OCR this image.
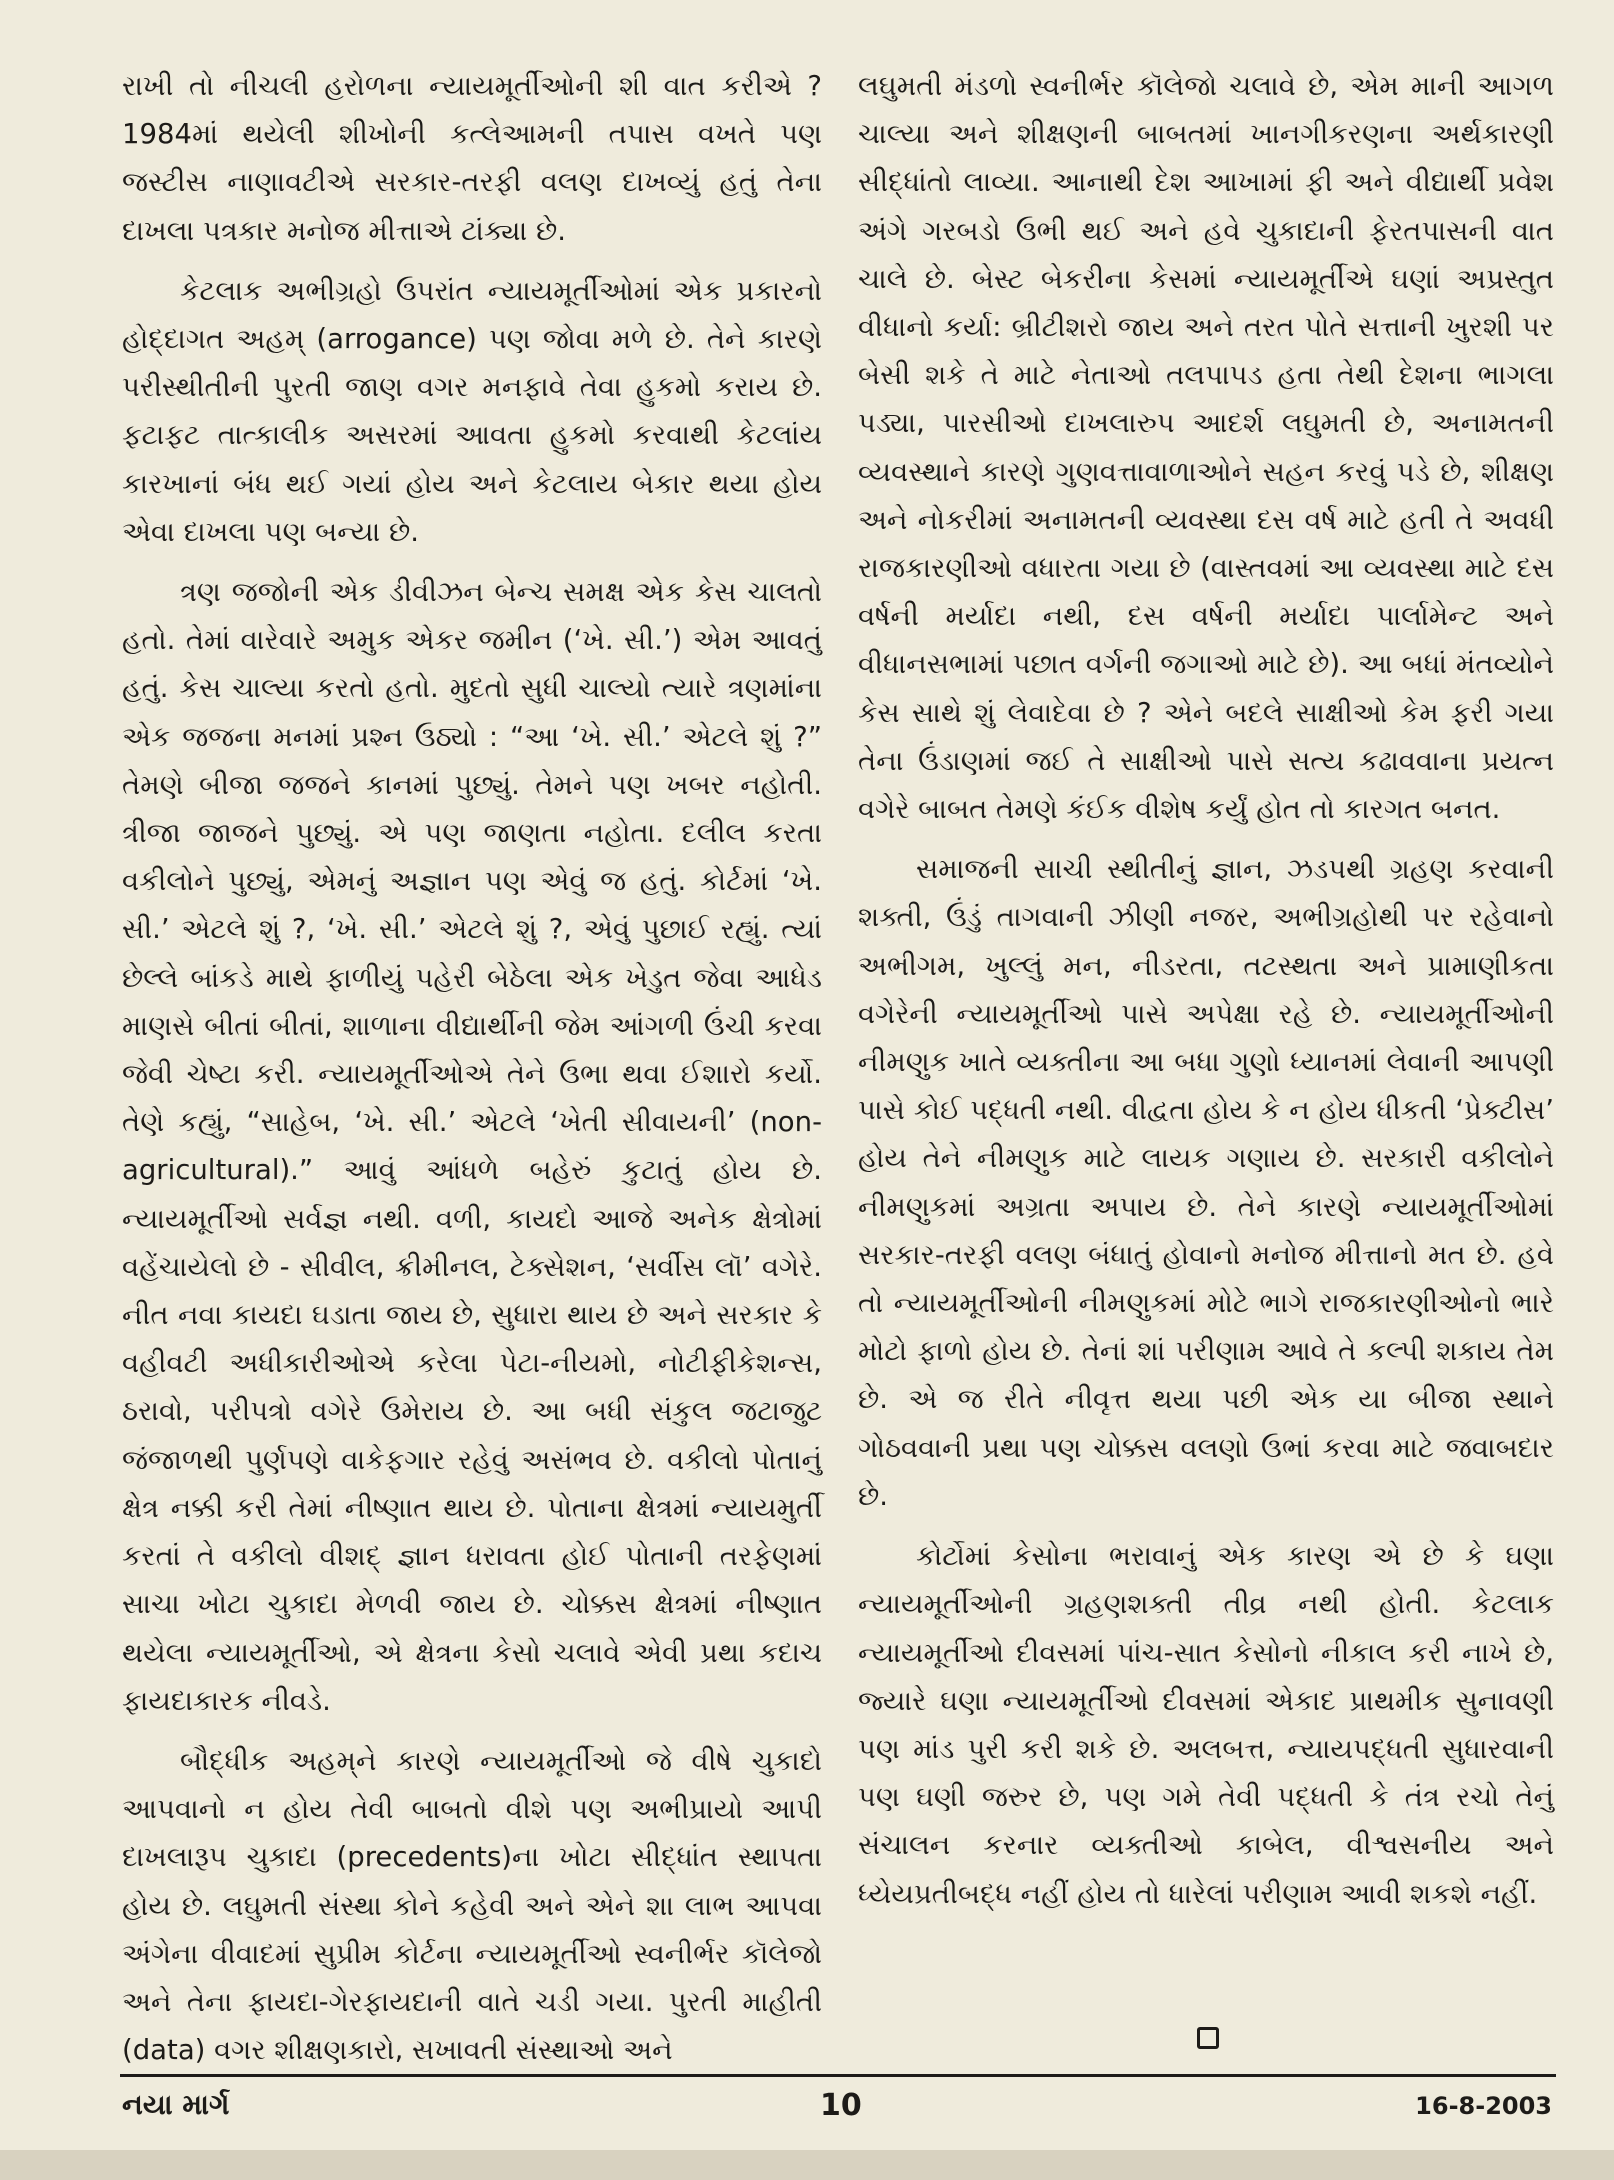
રાખી તો નીચલી હરોળના ન્યાયમૂર્તીઓની શી વાત કરીએ ? 1984માં થયેલી શીખોની કત્લેઆમની તપાસ વખતે પણ જસ્ટીસ નાણાવટીએ સરકાર-તરફી વલણ દાખવ્યું હતું તેના દાખલા પત્રકાર મનોજ મીત્તાએ ટાંક્યા છે.

કેટલાક અભીગ્રહો ઉપરાંત ન્યાયમૂર્તીઓમાં એક પ્રકારનો હોદ્દાગત અહમ્ (arrogance) પણ જોવા મળે છે. તેને કારણે પરીસ્થીતીની પુરતી જાણ વગર મનફાવે તેવા હુકમો કરાય છે. ફટાફટ તાત્કાલીક અસરમાં આવતા હુકમો કરવાથી કેટલાંય કારખાનાં બંધ થઈ ગયાં હોય અને કેટલાય બેકાર થયા હોય એવા દાખલા પણ બન્યા છે.

ત્રણ જજોની એક ડીવીઝન બેન્ચ સમક્ષ એક કેસ ચાલતો હતો. તેમાં વારેવારે અમુક એકર જમીન (‘ખે. સી.’) એમ આવતું હતું. કેસ ચાલ્યા કરતો હતો. મુદતો સુધી ચાલ્યો ત્યારે ત્રણમાંના એક જજના મનમાં પ્રશ્ન ઉઠ્યો : “આ ‘ખે. સી.’ એટલે શું ?” તેમણે બીજા જજને કાનમાં પુછ્યું. તેમને પણ ખબર નહોતી. ત્રીજા જાજને પુછ્યું. એ પણ જાણતા નહોતા. દલીલ કરતા વકીલોને પુછ્યું, એમનું અજ્ઞાન પણ એવું જ હતું. કોર્ટમાં ‘ખે. સી.’ એટલે શું ?, ‘ખે. સી.’ એટલે શું ?, એવું પુછાઈ રહ્યું. ત્યાં છેલ્લે બાંકડે માથે ફાળીયું પહેરી બેઠેલા એક ખેડુત જેવા આધેડ માણસે બીતાં બીતાં, શાળાના વીદ્યાર્થીની જેમ આંગળી ઉંચી કરવા જેવી ચેષ્ટા કરી. ન્યાયમૂર્તીઓએ તેને ઉભા થવા ઈશારો કર્યો. તેણે કહ્યું, “સાહેબ, ‘ખે. સી.’ એટલે ‘ખેતી સીવાયની’ (non-agricultural).” આવું આંધળે બહેરું કુટાતું હોય છે. ન્યાયમૂર્તીઓ સર્વજ્ઞ નથી. વળી, કાયદો આજે અનેક ક્ષેત્રોમાં વહેંચાયેલો છે - સીવીલ, ક્રીમીનલ, ટેક્સેશન, ‘સર્વીસ લૉ’ વગેરે. નીત નવા કાયદા ઘડાતા જાય છે, સુધારા થાય છે અને સરકાર કે વહીવટી અધીકારીઓએ કરેલા પેટા-નીયમો, નોટીફીકેશન્સ, ઠરાવો, પરીપત્રો વગેરે ઉમેરાય છે. આ બધી સંકુલ જટાજુટ જંજાળથી પુર્ણપણે વાકેફગાર રહેવું અસંભવ છે. વકીલો પોતાનું ક્ષેત્ર નક્કી કરી તેમાં નીષ્ણાત થાય છે. પોતાના ક્ષેત્રમાં ન્યાયમુર્તી કરતાં તે વકીલો વીશદ્ જ્ઞાન ધરાવતા હોઈ પોતાની તરફેણમાં સાચા ખોટા ચુકાદા મેળવી જાય છે. ચોક્કસ ક્ષેત્રમાં નીષ્ણાત થયેલા ન્યાયમૂર્તીઓ, એ ક્ષેત્રના કેસો ચલાવે એવી પ્રથા કદાચ ફાયદાકારક નીવડે.

બૌદ્ધીક અહમ્‌ને કારણે ન્યાયમૂર્તીઓ જે વીષે ચુકાદો આપવાનો ન હોય તેવી બાબતો વીશે પણ અભીપ્રાયો આપી દાખલારૂપ ચુકાદા (precedents)ના ખોટા સીદ્ધાંત સ્થાપતા હોય છે. લઘુમતી સંસ્થા કોને કહેવી અને એને શા લાભ આપવા અંગેના વીવાદમાં સુપ્રીમ કોર્ટના ન્યાયમૂર્તીઓ સ્વનીર્ભર કૉલેજો અને તેના ફાયદા-ગેરફાયદાની વાતે ચડી ગયા. પુરતી માહીતી (data) વગર શીક્ષણકારો, સખાવતી સંસ્થાઓ અને

લઘુમતી મંડળો સ્વનીર્ભર કૉલેજો ચલાવે છે, એમ માની આગળ ચાલ્યા અને શીક્ષણની બાબતમાં ખાનગીકરણના અર્થકારણી સીદ્ધાંતો લાવ્યા. આનાથી દેશ આખામાં ફી અને વીદ્યાર્થી પ્રવેશ અંગે ગરબડો ઉભી થઈ અને હવે ચુકાદાની ફેરતપાસની વાત ચાલે છે. બેસ્ટ બેકરીના કેસમાં ન્યાયમૂર્તીએ ઘણાં અપ્રસ્તુત વીધાનો કર્યા: બ્રીટીશરો જાય અને તરત પોતે સત્તાની ખુરશી પર બેસી શકે તે માટે નેતાઓ તલપાપડ હતા તેથી દેશના ભાગલા પડ્યા, પારસીઓ દાખલારુપ આદર્શ લઘુમતી છે, અનામતની વ્યવસ્થાને કારણે ગુણવત્તાવાળાઓને સહન કરવું પડે છે, શીક્ષણ અને નોકરીમાં અનામતની વ્યવસ્થા દસ વર્ષ માટે હતી તે અવધી રાજકારણીઓ વધારતા ગયા છે (વાસ્તવમાં આ વ્યવસ્થા માટે દસ વર્ષની મર્યાદા નથી, દસ વર્ષની મર્યાદા પાર્લામેન્ટ અને વીધાનસભામાં પછાત વર્ગની જગાઓ માટે છે). આ બધાં મંતવ્યોને કેસ સાથે શું લેવાદેવા છે ? એને બદલે સાક્ષીઓ કેમ ફરી ગયા તેના ઉંડાણમાં જઈ તે સાક્ષીઓ પાસે સત્ય કઢાવવાના પ્રયત્ન વગેરે બાબત તેમણે કંઈક વીશેષ કર્યું હોત તો કારગત બનત.

સમાજની સાચી સ્થીતીનું જ્ઞાન, ઝડપથી ગ્રહણ કરવાની શક્તી, ઉંડું તાગવાની ઝીણી નજર, અભીગ્રહોથી પર રહેવાનો અભીગમ, ખુલ્લું મન, નીડરતા, તટસ્થતા અને પ્રામાણીકતા વગેરેની ન્યાયમૂર્તીઓ પાસે અપેક્ષા રહે છે. ન્યાયમૂર્તીઓની નીમણુક ખાતે વ્યક્તીના આ બધા ગુણો ધ્યાનમાં લેવાની આપણી પાસે કોઈ પદ્ધતી નથી. વીદ્વતા હોય કે ન હોય ધીકતી ‘પ્રેક્ટીસ’ હોય તેને નીમણુક માટે લાયક ગણાય છે. સરકારી વકીલોને નીમણુકમાં અગ્રતા અપાય છે. તેને કારણે ન્યાયમૂર્તીઓમાં સરકાર-તરફી વલણ બંધાતું હોવાનો મનોજ મીત્તાનો મત છે. હવે તો ન્યાયમૂર્તીઓની નીમણુકમાં મોટે ભાગે રાજકારણીઓનો ભારે મોટો ફાળો હોય છે. તેનાં શાં પરીણામ આવે તે કલ્પી શકાય તેમ છે. એ જ રીતે નીવૃત્ત થયા પછી એક યા બીજા સ્થાને ગોઠવવાની પ્રથા પણ ચોક્કસ વલણો ઉભાં કરવા માટે જવાબદાર છે.

કોર્ટોમાં કેસોના ભરાવાનું એક કારણ એ છે કે ઘણા ન્યાયમૂર્તીઓની ગ્રહણશક્તી તીવ્ર નથી હોતી. કેટલાક ન્યાયમૂર્તીઓ દીવસમાં પાંચ-સાત કેસોનો નીકાલ કરી નાખે છે, જ્યારે ઘણા ન્યાયમૂર્તીઓ દીવસમાં એકાદ પ્રાથમીક સુનાવણી પણ માંડ પુરી કરી શકે છે. અલબત્ત, ન્યાયપદ્ધતી સુધારવાની પણ ઘણી જરુર છે, પણ ગમે તેવી પદ્ધતી કે તંત્ર રચો તેનું સંચાલન કરનાર વ્યક્તીઓ કાબેલ, વીશ્વસનીય અને ધ્યેયપ્રતીબદ્ધ નહીં હોય તો ધારેલાં પરીણામ આવી શકશે નહીં.

નયા માર્ગ	10	16-8-2003
